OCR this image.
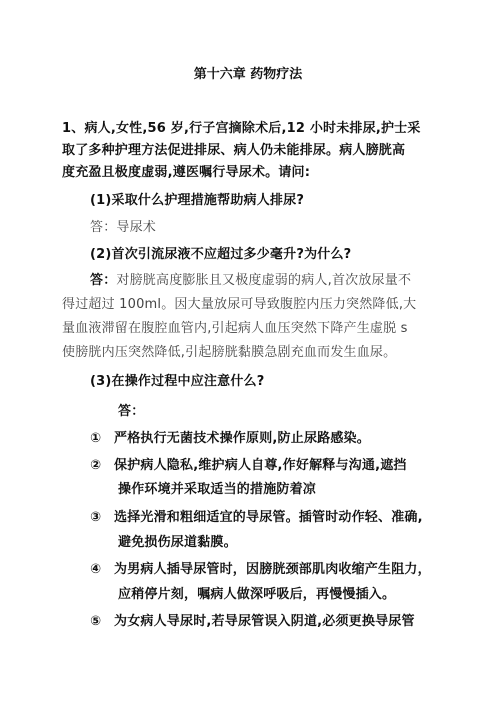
第十六章 药物疗法
1、病人,女性,56 岁,行子宫摘除术后,12 小时未排尿,护士采
取了多种护理方法促进排尿、病人仍未能排尿。病人膀胱高
度充盈且极度虚弱,遵医嘱行导尿术。请问:
(1)采取什么护理措施帮助病人排尿?
答：导尿术
(2)首次引流尿液不应超过多少毫升?为什么?
答：对膀胱高度膨胀且又极度虚弱的病人,首次放尿量不
得过超过 100ml。因大量放尿可导致腹腔内压力突然降低,大
量血液滞留在腹腔血管内,引起病人血压突然下降产生虚脱 s
使膀胱内压突然降低,引起膀胱黏膜急剧充血而发生血尿。
(3)在操作过程中应注意什么?
答：
① 严格执行无菌技术操作原则,防止尿路感染。
② 保护病人隐私,维护病人自尊,作好解释与沟通,遮挡
操作环境并采取适当的措施防着凉
③ 选择光滑和粗细适宜的导尿管。插管时动作轻、准确,
避免损伤尿道黏膜。
④ 为男病人插导尿管时，因膀胱颈部肌肉收缩产生阻力，
应稍停片刻，嘱病人做深呼吸后，再慢慢插入。
⑤ 为女病人导尿时,若导尿管误入阴道,必须更换导尿管
